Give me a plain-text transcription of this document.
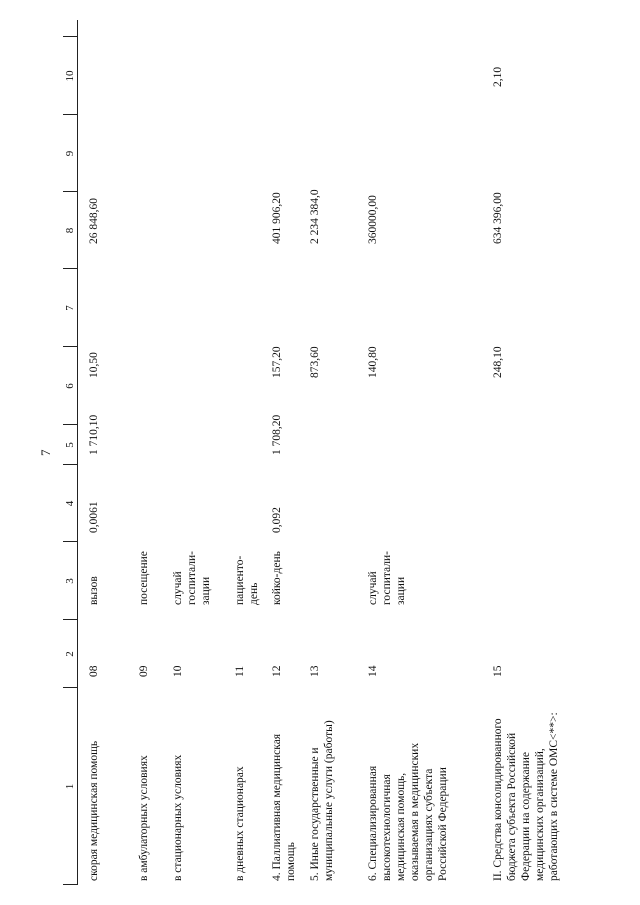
7
1
2
3
4
5
6
7
8
9
10
скорая медицинская помощь
08
вызов
0,0061
1 710,10
10,50
26 848,60
в амбулаторных условиях
09
посещение
в стационарных условиях
10
случай госпитали-зации
в дневных стационарах
11
пациенто-день
4. Паллиативная медицинская помощь
12
койко-день
0,092
1 708,20
157,20
401 906,20
5. Иные государственные и муниципальные услуги (работы)
13
873,60
2 234 384,0
6. Специализированная высокотехнологичная медицинская помощь, оказываемая в медицинских организациях субъекта Российской Федерации
14
случай госпитали-зации
140,80
360000,00
II. Средства консолидированного бюджета субъекта Российской Федерации на содержание медицинских организаций, работающих в системе ОМС<**>:
15
248,10
634 396,00
2,10
